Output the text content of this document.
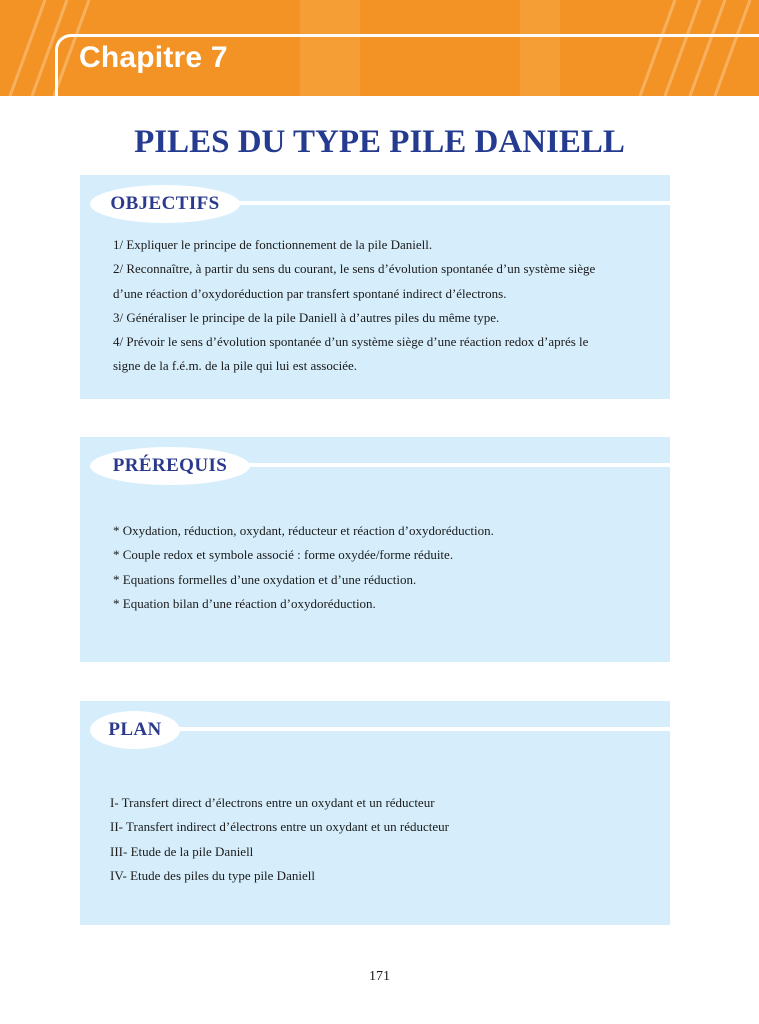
Chapitre 7
PILES DU TYPE PILE DANIELL
OBJECTIFS

1/ Expliquer le principe de fonctionnement de la pile Daniell.

2/ Reconnaître, à partir du sens du courant, le sens d’évolution spontanée d’un système siège

d’une réaction d’oxydoréduction par transfert spontané indirect d’électrons.

3/ Généraliser le principe de la pile Daniell à d’autres piles du même type.

4/ Prévoir le sens d’évolution spontanée d’un système siège d’une réaction redox d’aprés le

signe de la f.é.m. de la pile qui lui est associée.

PRÉREQUIS

* Oxydation, réduction, oxydant, réducteur et réaction d’oxydoréduction.

* Couple redox et symbole associé : forme oxydée/forme réduite.

* Equations formelles d’une oxydation et d’une réduction.

* Equation bilan d’une réaction d’oxydoréduction.

PLAN

I- Transfert direct d’électrons entre un oxydant et un réducteur

II- Transfert indirect d’électrons entre un oxydant et un réducteur

III- Etude de la pile Daniell

IV- Etude des piles du type pile Daniell

171
